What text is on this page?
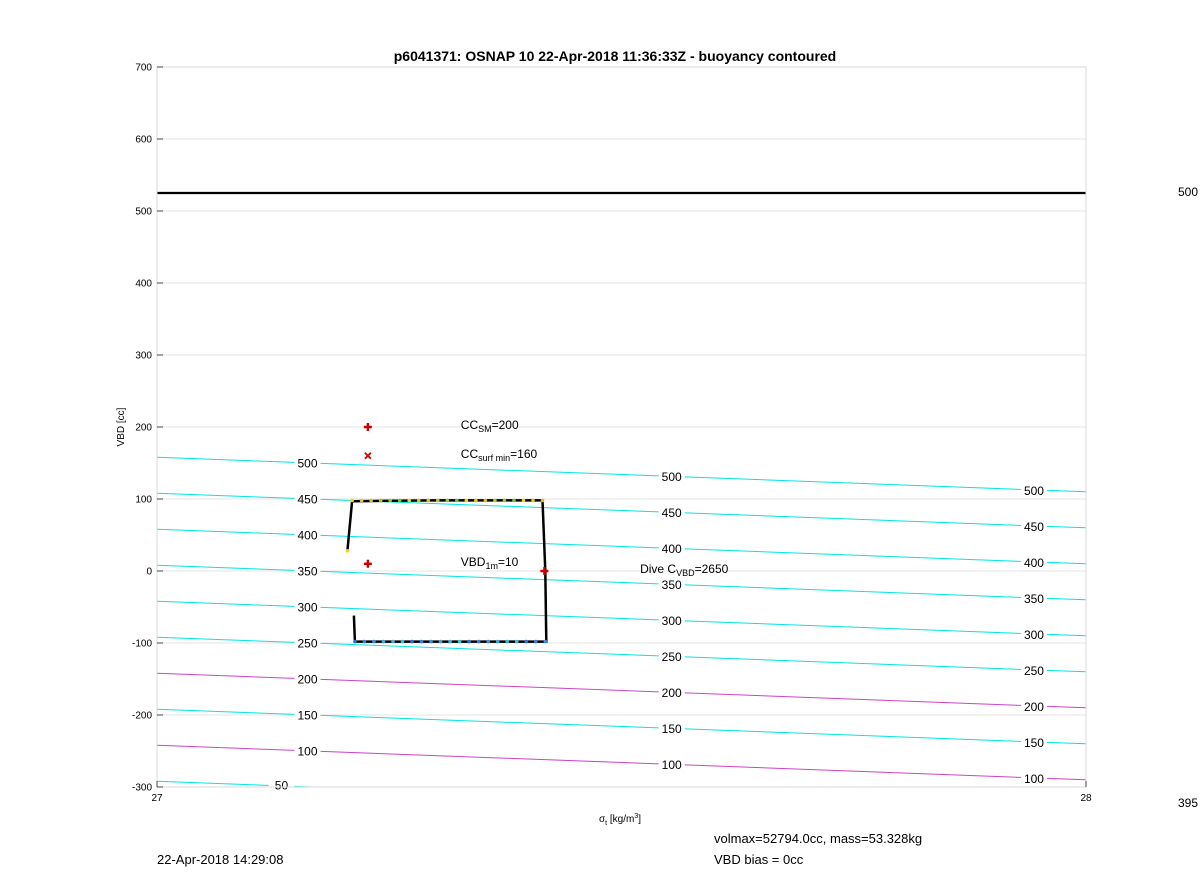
50
100
150
200
250
300
350
400
450
500
100
150
200
250
300
350
400
450
500
100
150
200
250
300
350
400
450
500
$CC_{SM}=200$
$CC_{surf min}=160$
$VBD_{1m}=10$
Dive $C_{VBD}=2650$
-300
-200
-100
0
100
200
300
400
500
600
700
27	28
p6041371: OSNAP 10 22-Apr-2018 11:36:33Z - buoyancy contoured
VBD [cc]
$\sigma_t$ $[kg/m^3]$
500
395
22-Apr-2018 14:29:08
volmax=52794.0cc, mass=53.328kg
VBD bias = 0cc
